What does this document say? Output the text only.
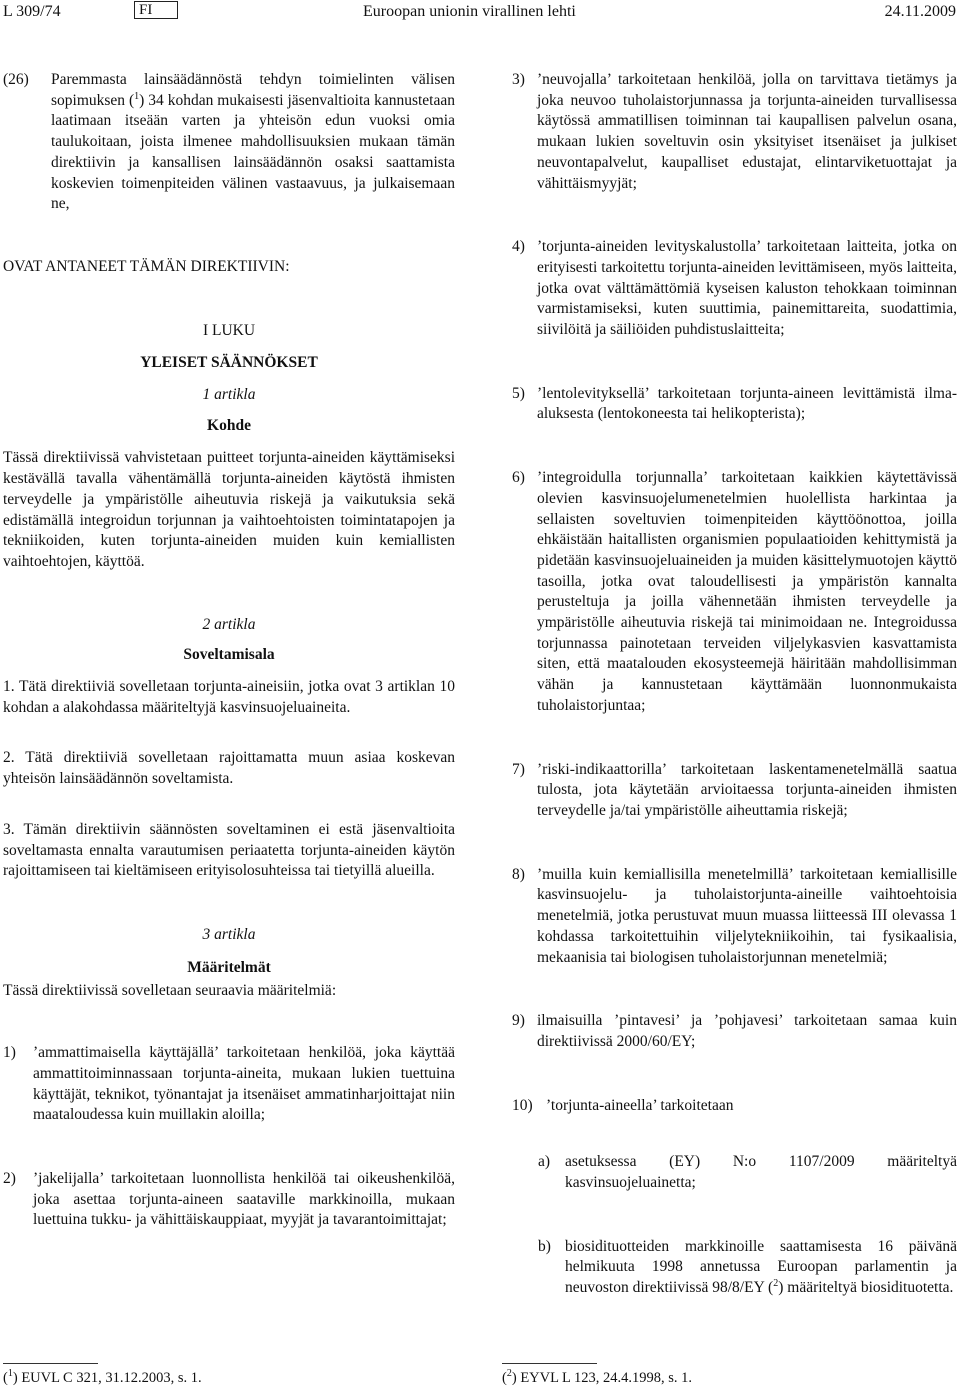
L 309/74	FI	Euroopan unionin virallinen lehti	24.11.2009
(26)	Paremmasta lainsäädännöstä tehdyn toimielinten välisen sopimuksen ($^1$) 34 kohdan mukaisesti jäsenvaltioita kannustetaan laatimaan itseään varten ja yhteisön edun vuoksi omia taulukoitaan, joista ilmenee mahdollisuuksien mukaan tämän direktiivin ja kansallisen lainsäädännön osaksi saattamista koskevien toimenpiteiden välinen vastaavuus, ja julkaisemaan ne,

OVAT ANTANEET TÄMÄN DIREKTIIVIN:

I LUKU

YLEISET SÄÄNNÖKSET

1 artikla

Kohde

Tässä direktiivissä vahvistetaan puitteet torjunta-aineiden käyttämiseksi kestävällä tavalla vähentämällä torjunta-aineiden käytöstä ihmisten terveydelle ja ympäristölle aiheutuvia riskejä ja vaikutuksia sekä edistämällä integroidun torjunnan ja vaihtoehtoisten toimintatapojen ja tekniikoiden, kuten torjunta-aineiden muiden kuin kemiallisten vaihtoehtojen, käyttöä.

2 artikla

Soveltamisala

1. Tätä direktiiviä sovelletaan torjunta-aineisiin, jotka ovat 3 artiklan 10 kohdan a alakohdassa määriteltyjä kasvinsuojeluaineita.

2. Tätä direktiiviä sovelletaan rajoittamatta muun asiaa koskevan yhteisön lainsäädännön soveltamista.

3. Tämän direktiivin säännösten soveltaminen ei estä jäsenvaltioita soveltamasta ennalta varautumisen periaatetta torjunta-aineiden käytön rajoittamiseen tai kieltämiseen erityisolosuhteissa tai tietyillä alueilla.

3 artikla

Määritelmät

Tässä direktiivissä sovelletaan seuraavia määritelmiä:

1)	’ammattimaisella käyttäjällä’ tarkoitetaan henkilöä, joka käyttää ammattitoiminnassaan torjunta-aineita, mukaan lukien tuettuina käyttäjät, teknikot, työnantajat ja itsenäiset ammatinharjoittajat niin maataloudessa kuin muillakin aloilla;
2)	’jakelijalla’ tarkoitetaan luonnollista henkilöä tai oikeushenkilöä, joka asettaa torjunta-aineen saataville markkinoilla, mukaan luettuina tukku- ja vähittäiskauppiaat, myyjät ja tavarantoimittajat;
3) ’neuvojalla’ tarkoitetaan henkilöä, jolla on tarvittava tietämys ja joka neuvoo tuholaistorjunnassa ja torjunta-aineiden turvallisessa käytössä ammatillisen toiminnan tai kaupallisen palvelun osana, mukaan lukien soveltuvin osin yksityiset itsenäiset ja julkiset neuvontapalvelut, kaupalliset edustajat, elintarviketuottajat ja vähittäismyyjät;
4) ’torjunta-aineiden levityskalustolla’ tarkoitetaan laitteita, jotka on erityisesti tarkoitettu torjunta-aineiden levittämiseen, myös laitteita, jotka ovat välttämättömiä kyseisen kaluston tehokkaan toiminnan varmistamiseksi, kuten suuttimia, painemittareita, suodattimia, siivilöitä ja säiliöiden puhdistuslaitteita;
5) ’lentolevityksellä’ tarkoitetaan torjunta-aineen levittämistä ilma-aluksesta (lentokoneesta tai helikopterista);
6) ’integroidulla torjunnalla’ tarkoitetaan kaikkien käytettävissä olevien kasvinsuojelumenetelmien huolellista harkintaa ja sellaisten soveltuvien toimenpiteiden käyttöönottoa, joilla ehkäistään haitallisten organismien populaatioiden kehittymistä ja pidetään kasvinsuojeluaineiden ja muiden käsittelymuotojen käyttö tasoilla, jotka ovat taloudellisesti ja ympäristön kannalta perusteltuja ja joilla vähennetään ihmisten terveydelle ja ympäristölle aiheutuvia riskejä tai minimoidaan ne. Integroidussa torjunnassa painotetaan terveiden viljelykasvien kasvattamista siten, että maatalouden ekosysteemejä häiritään mahdollisimman vähän ja kannustetaan käyttämään luonnonmukaista tuholaistorjuntaa;
7) ’riski-indikaattorilla’ tarkoitetaan laskentamenetelmällä saatua tulosta, jota käytetään arvioitaessa torjunta-aineiden ihmisten terveydelle ja/tai ympäristölle aiheuttamia riskejä;
8) ’muilla kuin kemiallisilla menetelmillä’ tarkoitetaan kemiallisille kasvinsuojelu- ja tuholaistorjunta-aineille vaihtoehtoisia menetelmiä, jotka perustuvat muun muassa liitteessä III olevassa 1 kohdassa tarkoitettuihin viljelytekniikoihin, tai fysikaalisia, mekaanisia tai biologisen tuholaistorjunnan menetelmiä;
9) ilmaisuilla ’pintavesi’ ja ’pohjavesi’ tarkoitetaan samaa kuin direktiivissä 2000/60/EY;
10) ’torjunta-aineella’ tarkoitetaan
a) asetuksessa (EY) N:o 1107/2009 määriteltyä kasvinsuojeluainetta;
b) biosidituotteiden markkinoille saattamisesta 16 päivänä helmikuuta 1998 annetussa Euroopan parlamentin ja neuvoston direktiivissä 98/8/EY ($^2$) määriteltyä biosidituotetta.
($^1$) EUVL C 321, 31.12.2003, s. 1.	($^2$) EYVL L 123, 24.4.1998, s. 1.
